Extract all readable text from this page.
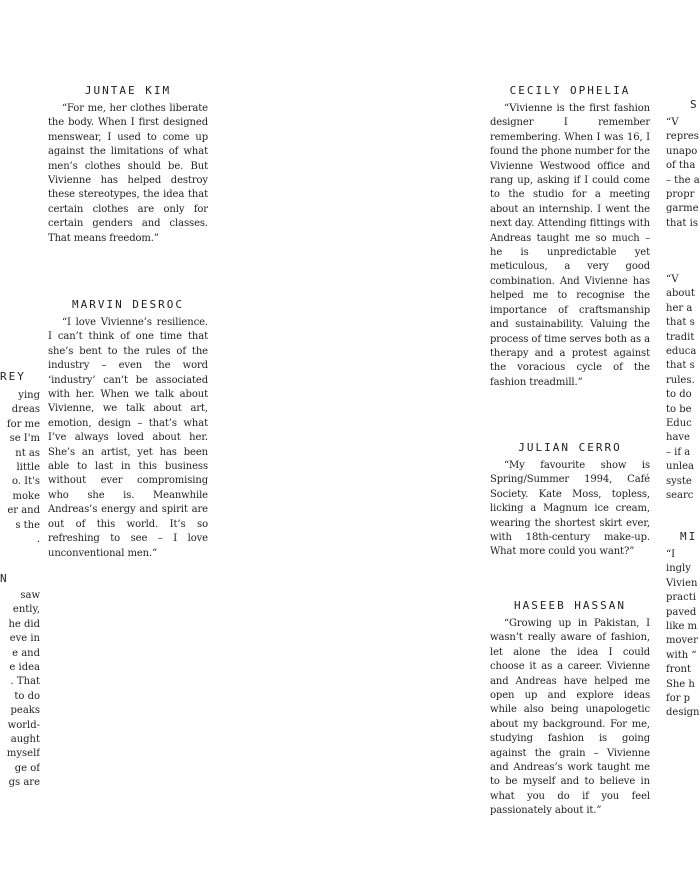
REY
ying
dreas
for me
se I'm
nt as
little
o. It's
moke
er and
s the
.
N
saw
ently,
he did
eve in
e and
e idea
. That
to do
peaks
world-
aught
myself
ge of
gs are
JUNTAE KIM

“For me, her clothes liberate the body. When I first designed menswear, I used to come up against the limitations of what men’s clothes should be. But Vivienne has helped destroy these stereotypes, the idea that certain clothes are only for certain genders and classes. That means freedom.”

MARVIN DESROC

“I love Vivienne’s resilience. I can’t think of one time that she’s bent to the rules of the industry – even the word ‘industry’ can’t be associated with her. When we talk about Vivienne, we talk about art, emotion, design – that’s what I’ve always loved about her. She’s an artist, yet has been able to last in this business without ever compromising who she is. Meanwhile Andreas’s energy and spirit are out of this world. It’s so refreshing to see – I love unconventional men.”

CECILY OPHELIA

“Vivienne is the first fashion designer I remember remembering. When I was 16, I found the phone number for the Vivienne Westwood office and rang up, asking if I could come to the studio for a meeting about an internship. I went the next day. Attending fittings with Andreas taught me so much – he is unpredictable yet meticulous, a very good combination. And Vivienne has helped me to recognise the importance of craftsmanship and sustainability. Valuing the process of time serves both as a therapy and a protest against the voracious cycle of the fashion treadmill.”

JULIAN CERRO

“My favourite show is Spring/Summer 1994, Café Society. Kate Moss, topless, licking a Magnum ice cream, wearing the shortest skirt ever, with 18th-century make-up. What more could you want?”

HASEEB HASSAN

“Growing up in Pakistan, I wasn’t really aware of fashion, let alone the idea I could choose it as a career. Vivienne and Andreas have helped me open up and explore ideas while also being unapologetic about my background. For me, studying fashion is going against the grain – Vivienne and Andreas’s work taught me to be myself and to believe in what you do if you feel passionately about it.”

S
“V
repres
unapo
of tha
– the a
propr
garme
that is
“V
about
her a
that s
tradit
educa
that s
rules.
to do
to be
Educ
have
– if a
unlea
syste
searc
MI
“I
ingly
Vivien
practi
paved
like m
mover
with “
front
She h
for p
design
